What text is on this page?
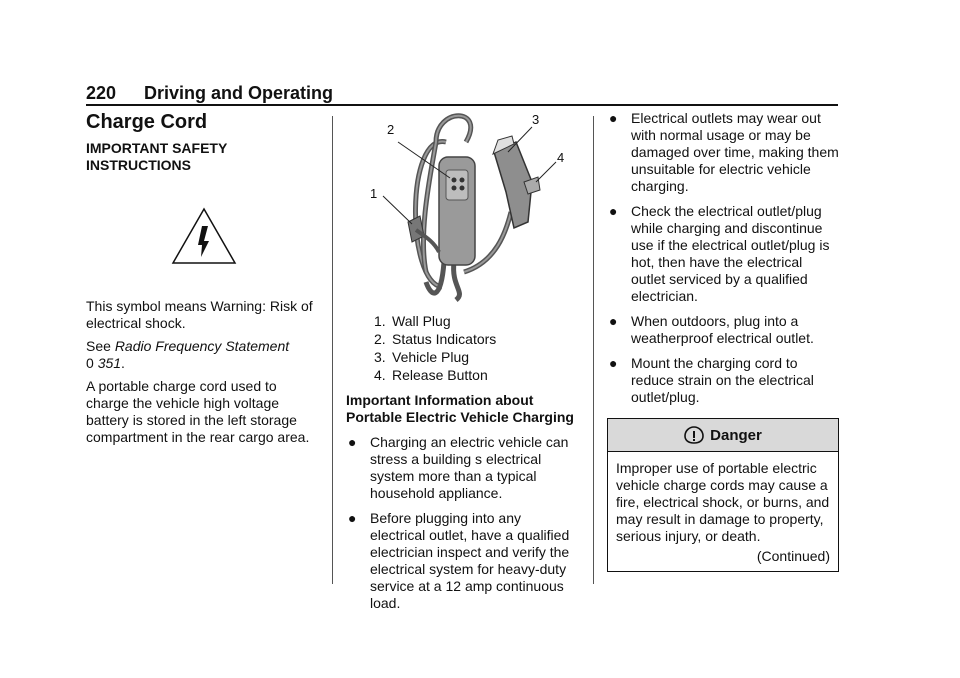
220 Driving and Operating
Charge Cord
IMPORTANT SAFETY INSTRUCTIONS

This symbol means Warning: Risk of electrical shock.

See Radio Frequency Statement
0 351.

A portable charge cord used to charge the vehicle high voltage battery is stored in the left storage compartment in the rear cargo area.

1
2
3
4
1. Wall Plug
2. Status Indicators
3. Vehicle Plug
4. Release Button

Important Information about Portable Electric Vehicle Charging

● Charging an electric vehicle can stress a building s electrical system more than a typical household appliance.
● Before plugging into any electrical outlet, have a qualified electrician inspect and verify the electrical system for heavy-duty service at a 12 amp continuous load.
● Electrical outlets may wear out with normal usage or may be damaged over time, making them unsuitable for electric vehicle charging.
● Check the electrical outlet/plug while charging and discontinue use if the electrical outlet/plug is hot, then have the electrical outlet serviced by a qualified electrician.
● When outdoors, plug into a weatherproof electrical outlet.
● Mount the charging cord to reduce strain on the electrical outlet/plug.
Danger
Improper use of portable electric vehicle charge cords may cause a fire, electrical shock, or burns, and may result in damage to property, serious injury, or death.
(Continued)
